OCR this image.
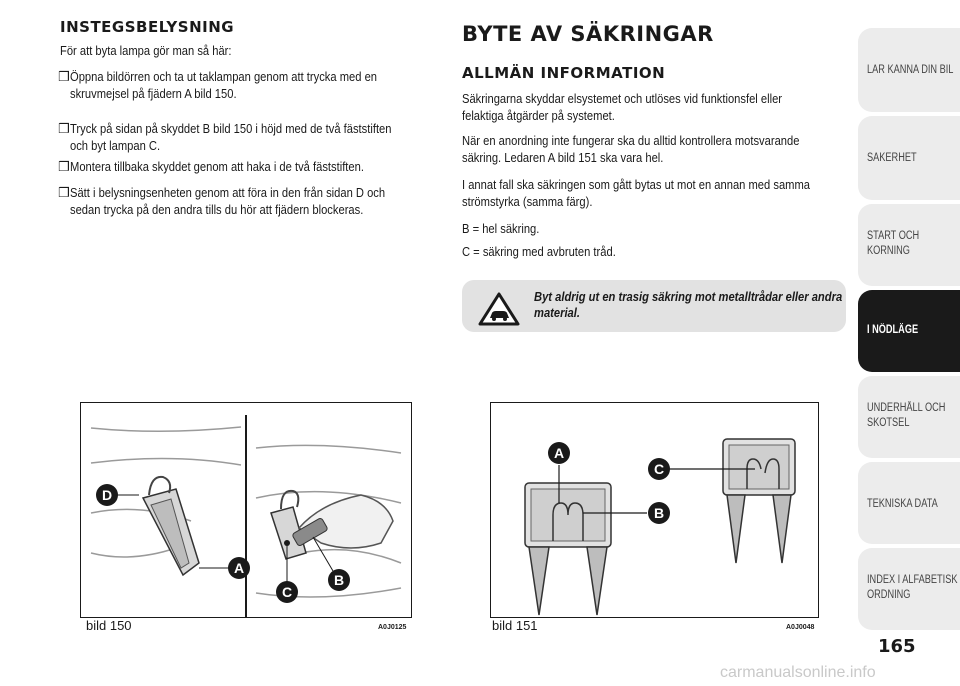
INSTEGSBELYSNING

För att byta lampa gör man så här:

❒ Öppna bildörren och ta ut taklampan genom att trycka med en

skruvmejsel på fjädern A bild 150.

❒ Tryck på sidan på skyddet B bild 150 i höjd med de två fäststiften

och byt lampan C.

❒ Montera tillbaka skyddet genom att haka i de två fäststiften.

❒ Sätt i belysningsenheten genom att föra in den från sidan D och

sedan trycka på den andra tills du hör att fjädern blockeras.

BYTE AV SÄKRINGAR
ALLMÄN INFORMATION

Säkringarna skyddar elsystemet och utlöses vid funktionsfel eller

felaktiga åtgärder på systemet.

När en anordning inte fungerar ska du alltid kontrollera motsvarande

säkring. Ledaren A bild 151 ska vara hel.

I annat fall ska säkringen som gått bytas ut mot en annan med samma

strömstyrka (samma färg).

B = hel säkring.

C = säkring med avbruten tråd.

Byt aldrig ut en trasig säkring mot metalltrådar eller andra

material.

D
A
C
B
bild 150	A0J0125
A
C
B
bild 151	A0J0048
LÄR KÄNNA DIN BIL
SÄKERHET
START OCH
KÖRNING
I NÖDLÄGE
UNDERHÅLL OCH
SKÖTSEL
TEKNISKA DATA
INDEX I ALFABETISK
ORDNING
165
carmanualsonline.info
